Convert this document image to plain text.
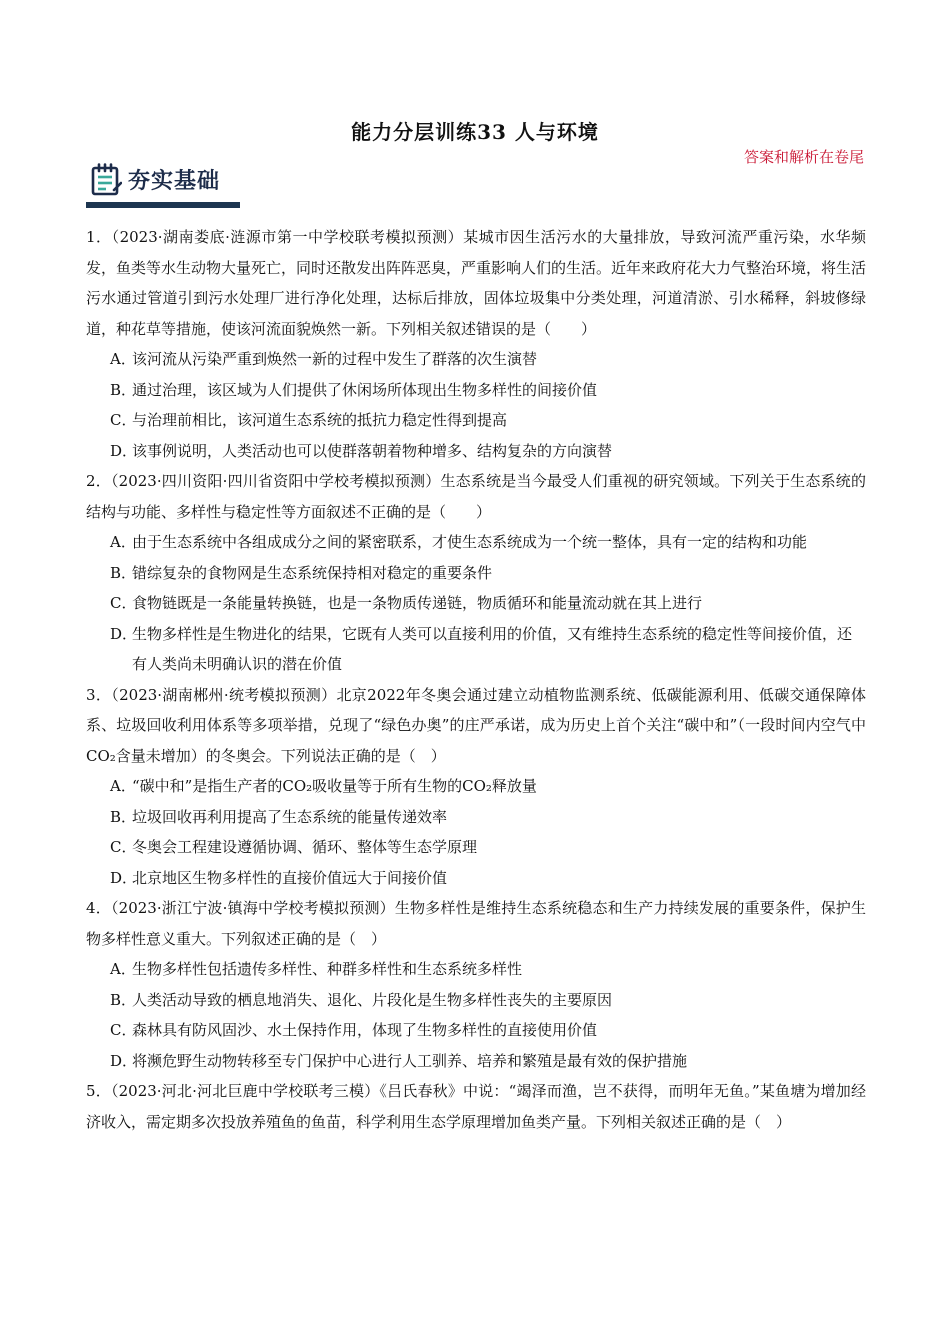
能力分层训练33 人与环境
答案和解析在卷尾
夯实基础

1．（2023·湖南娄底·涟源市第一中学校联考模拟预测）某城市因生活污水的大量排放，导致河流严重污染，水华频发，鱼类等水生动物大量死亡，同时还散发出阵阵恶臭，严重影响人们的生活。近年来政府花大力气整治环境，将生活污水通过管道引到污水处理厂进行净化处理，达标后排放，固体垃圾集中分类处理，河道清淤、引水稀释，斜坡修绿道，种花草等措施，使该河流面貌焕然一新。下列相关叙述错误的是（　　）

A．该河流从污染严重到焕然一新的过程中发生了群落的次生演替

B．通过治理，该区域为人们提供了休闲场所体现出生物多样性的间接价值

C．与治理前相比，该河道生态系统的抵抗力稳定性得到提高

D．该事例说明，人类活动也可以使群落朝着物种增多、结构复杂的方向演替

2．（2023·四川资阳·四川省资阳中学校考模拟预测）生态系统是当今最受人们重视的研究领域。下列关于生态系统的结构与功能、多样性与稳定性等方面叙述不正确的是（　　）

A．由于生态系统中各组成成分之间的紧密联系，才使生态系统成为一个统一整体，具有一定的结构和功能

B．错综复杂的食物网是生态系统保持相对稳定的重要条件

C．食物链既是一条能量转换链，也是一条物质传递链，物质循环和能量流动就在其上进行

D．生物多样性是生物进化的结果，它既有人类可以直接利用的价值，又有维持生态系统的稳定性等间接价值，还有人类尚未明确认识的潜在价值

3．（2023·湖南郴州·统考模拟预测）北京2022年冬奥会通过建立动植物监测系统、低碳能源利用、低碳交通保障体系、垃圾回收利用体系等多项举措，兑现了“绿色办奥”的庄严承诺，成为历史上首个关注“碳中和”（一段时间内空气中CO₂含量未增加）的冬奥会。下列说法正确的是（　）

A．“碳中和”是指生产者的CO₂吸收量等于所有生物的CO₂释放量

B．垃圾回收再利用提高了生态系统的能量传递效率

C．冬奥会工程建设遵循协调、循环、整体等生态学原理

D．北京地区生物多样性的直接价值远大于间接价值

4．（2023·浙江宁波·镇海中学校考模拟预测）生物多样性是维持生态系统稳态和生产力持续发展的重要条件，保护生物多样性意义重大。下列叙述正确的是（　）

A．生物多样性包括遗传多样性、种群多样性和生态系统多样性

B．人类活动导致的栖息地消失、退化、片段化是生物多样性丧失的主要原因

C．森林具有防风固沙、水土保持作用，体现了生物多样性的直接使用价值

D．将濒危野生动物转移至专门保护中心进行人工驯养、培养和繁殖是最有效的保护措施

5．（2023·河北·河北巨鹿中学校联考三模）《吕氏春秋》中说：“竭泽而渔，岂不获得，而明年无鱼。”某鱼塘为增加经济收入，需定期多次投放养殖鱼的鱼苗，科学利用生态学原理增加鱼类产量。下列相关叙述正确的是（　）
